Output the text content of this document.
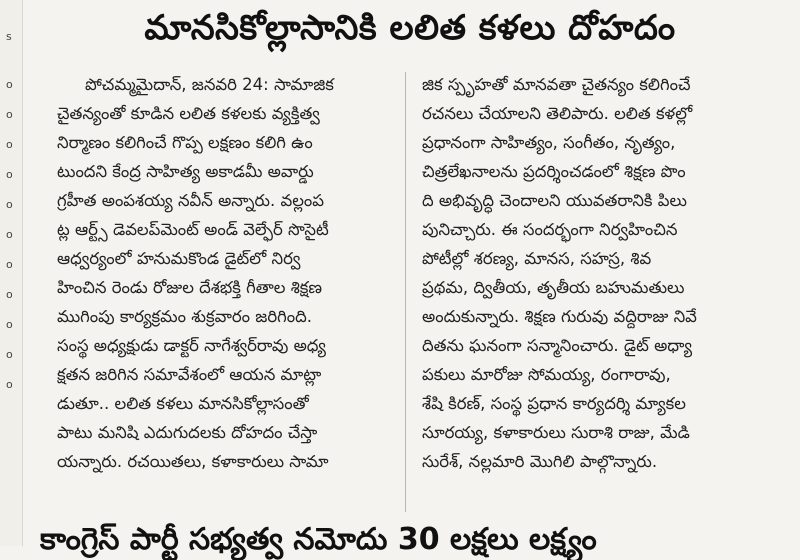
s
o
o
o
o
o
o
o
o
o
o
o
మానసికోల్లాసానికి లలిత కళలు దోహదం
పోచమ్మమైదాన్, జనవరి 24: సామాజిక
చైతన్యంతో కూడిన లలిత కళలకు వ్యక్తిత్వ
నిర్మాణం కలిగించే గొప్ప లక్షణం కలిగి ఉం
టుందని కేంద్ర సాహిత్య అకాడమీ అవార్డు
గ్రహీత అంపశయ్య నవీన్ అన్నారు. వల్లంప
ట్ల ఆర్ట్స్ డెవలప్‌మెంట్ అండ్ వెల్ఫేర్ సొసైటీ
ఆధ్వర్యంలో హనుమకొండ డైట్‌లో నిర్వ
హించిన రెండు రోజుల దేశభక్తి గీతాల శిక్షణ
ముగింపు కార్యక్రమం శుక్రవారం జరిగింది.
సంస్థ అధ్యక్షుడు డాక్టర్ నాగేశ్వర్‌రావు అధ్య
క్షతన జరిగిన సమావేశంలో ఆయన మాట్లా
డుతూ.. లలిత కళలు మానసికోల్లాసంతో
పాటు మనిషి ఎదుగుదలకు దోహదం చేస్తా
యన్నారు. రచయితలు, కళాకారులు సామా
జిక స్పృహతో మానవతా చైతన్యం కలిగించే
రచనలు చేయాలని తెలిపారు. లలిత కళల్లో
ప్రధానంగా సాహిత్యం, సంగీతం, నృత్యం,
చిత్రలేఖనాలను ప్రదర్శించడంలో శిక్షణ పొం
ది అభివృద్ధి చెందాలని యువతరానికి పిలు
పునిచ్చారు. ఈ సందర్భంగా నిర్వహించిన
పోటీల్లో శరణ్య, మానస, సహస్ర, శివ
ప్రథమ, ద్వితీయ, తృతీయ బహుమతులు
అందుకున్నారు. శిక్షణ గురువు వద్దిరాజు నివే
దితను ఘనంగా సన్మానించారు. డైట్ అధ్యా
పకులు మారోజు సోమయ్య, రంగారావు,
శేషి కిరణ్, సంస్థ ప్రధాన కార్యదర్శి మ్యాకల
సూరయ్య, కళాకారులు సురాశి రాజు, మేడి
సురేశ్, నల్లమారి మొగిలి పాల్గొన్నారు.
కాంగ్రెస్ పార్టీ సభ్యత్వ నమోదు 30 లక్షలు లక్ష్యం
